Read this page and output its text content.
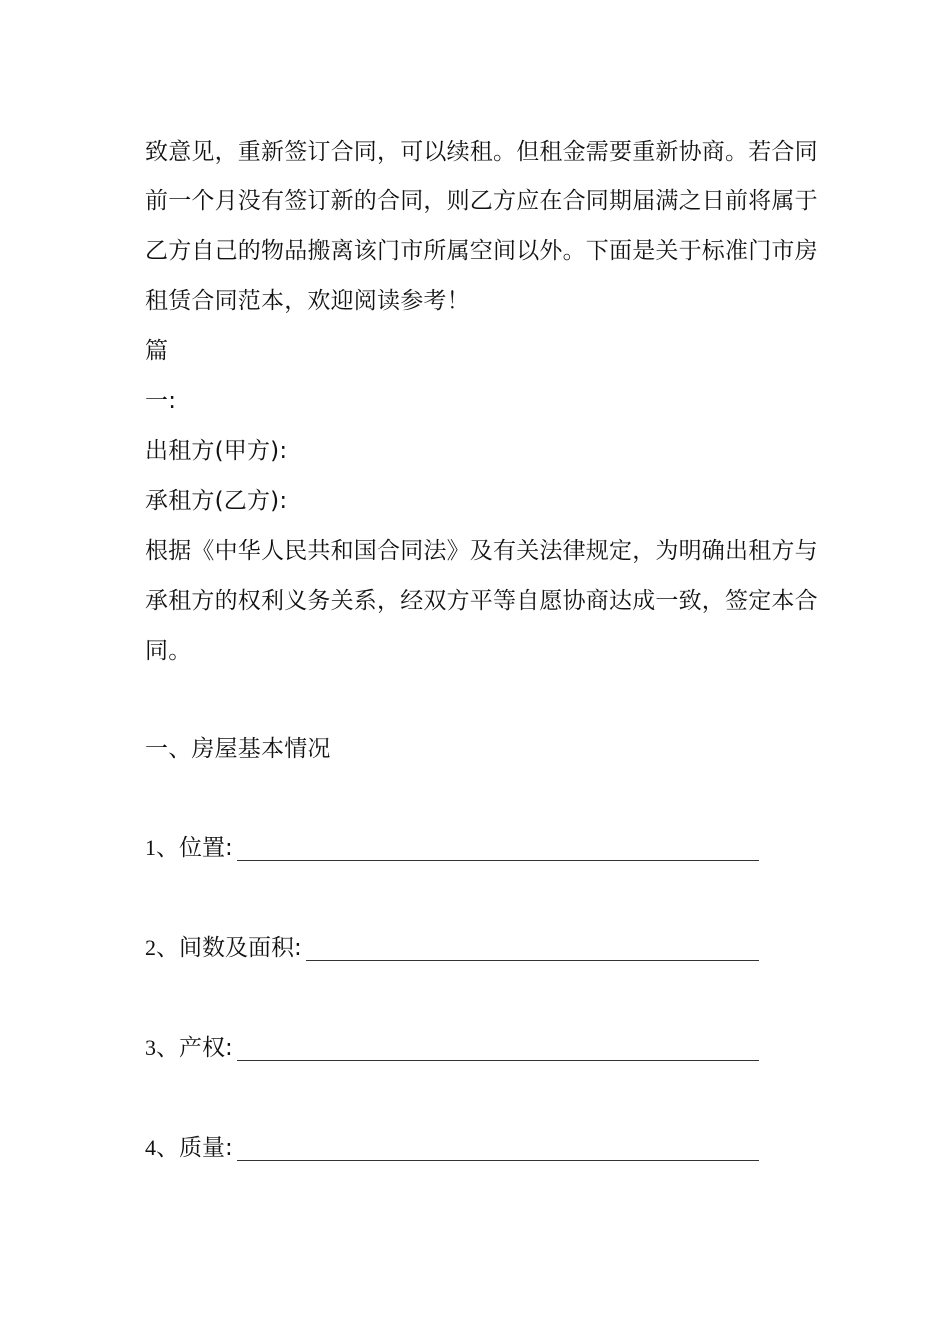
致意见，重新签订合同，可以续租。但租金需要重新协商。若合同
前一个月没有签订新的合同，则乙方应在合同期届满之日前将属于
乙方自己的物品搬离该门市所属空间以外。下面是关于标准门市房
租赁合同范本，欢迎阅读参考！
篇
一:
出租方(甲方):
承租方(乙方):
根据《中华人民共和国合同法》及有关法律规定，为明确出租方与
承租方的权利义务关系，经双方平等自愿协商达成一致，签定本合
同。
一、房屋基本情况
1 、位置:
2 、间数及面积:
3 、产权:
4 、质量:
